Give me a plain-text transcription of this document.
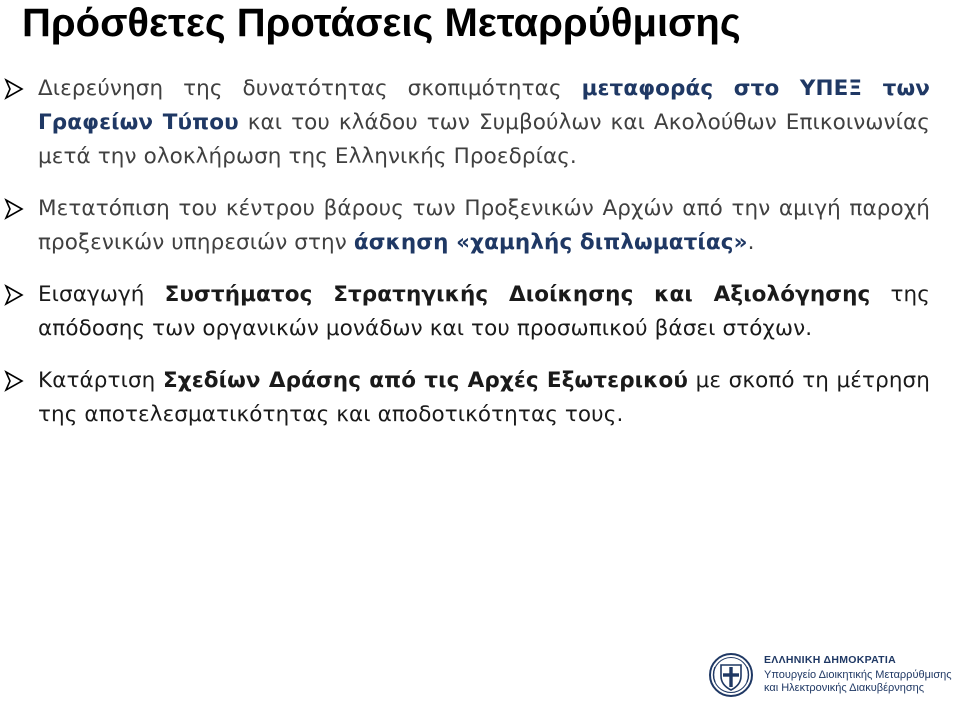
Πρόσθετες Προτάσεις Μεταρρύθμισης

Διερεύνηση της δυνατότητας σκοπιμότητας μεταφοράς στο ΥΠΕΞ των Γραφείων Τύπου και του κλάδου των Συμβούλων και Ακολούθων Επικοινωνίας μετά την ολοκλήρωση της Ελληνικής Προεδρίας.

Μετατόπιση του κέντρου βάρους των Προξενικών Αρχών από την αμιγή παροχή προξενικών υπηρεσιών στην άσκηση «χαμηλής διπλωματίας».

Εισαγωγή Συστήματος Στρατηγικής Διοίκησης και Αξιολόγησης της απόδοσης των οργανικών μονάδων και του προσωπικού βάσει στόχων.

Κατάρτιση Σχεδίων Δράσης από τις Αρχές Εξωτερικού με σκοπό τη μέτρηση της αποτελεσματικότητας και αποδοτικότητας τους.

ΕΛΛΗΝΙΚΗ ΔΗΜΟΚΡΑΤΙΑ
Υπουργείο Διοικητικής Μεταρρύθμισης
και Ηλεκτρονικής Διακυβέρνησης
